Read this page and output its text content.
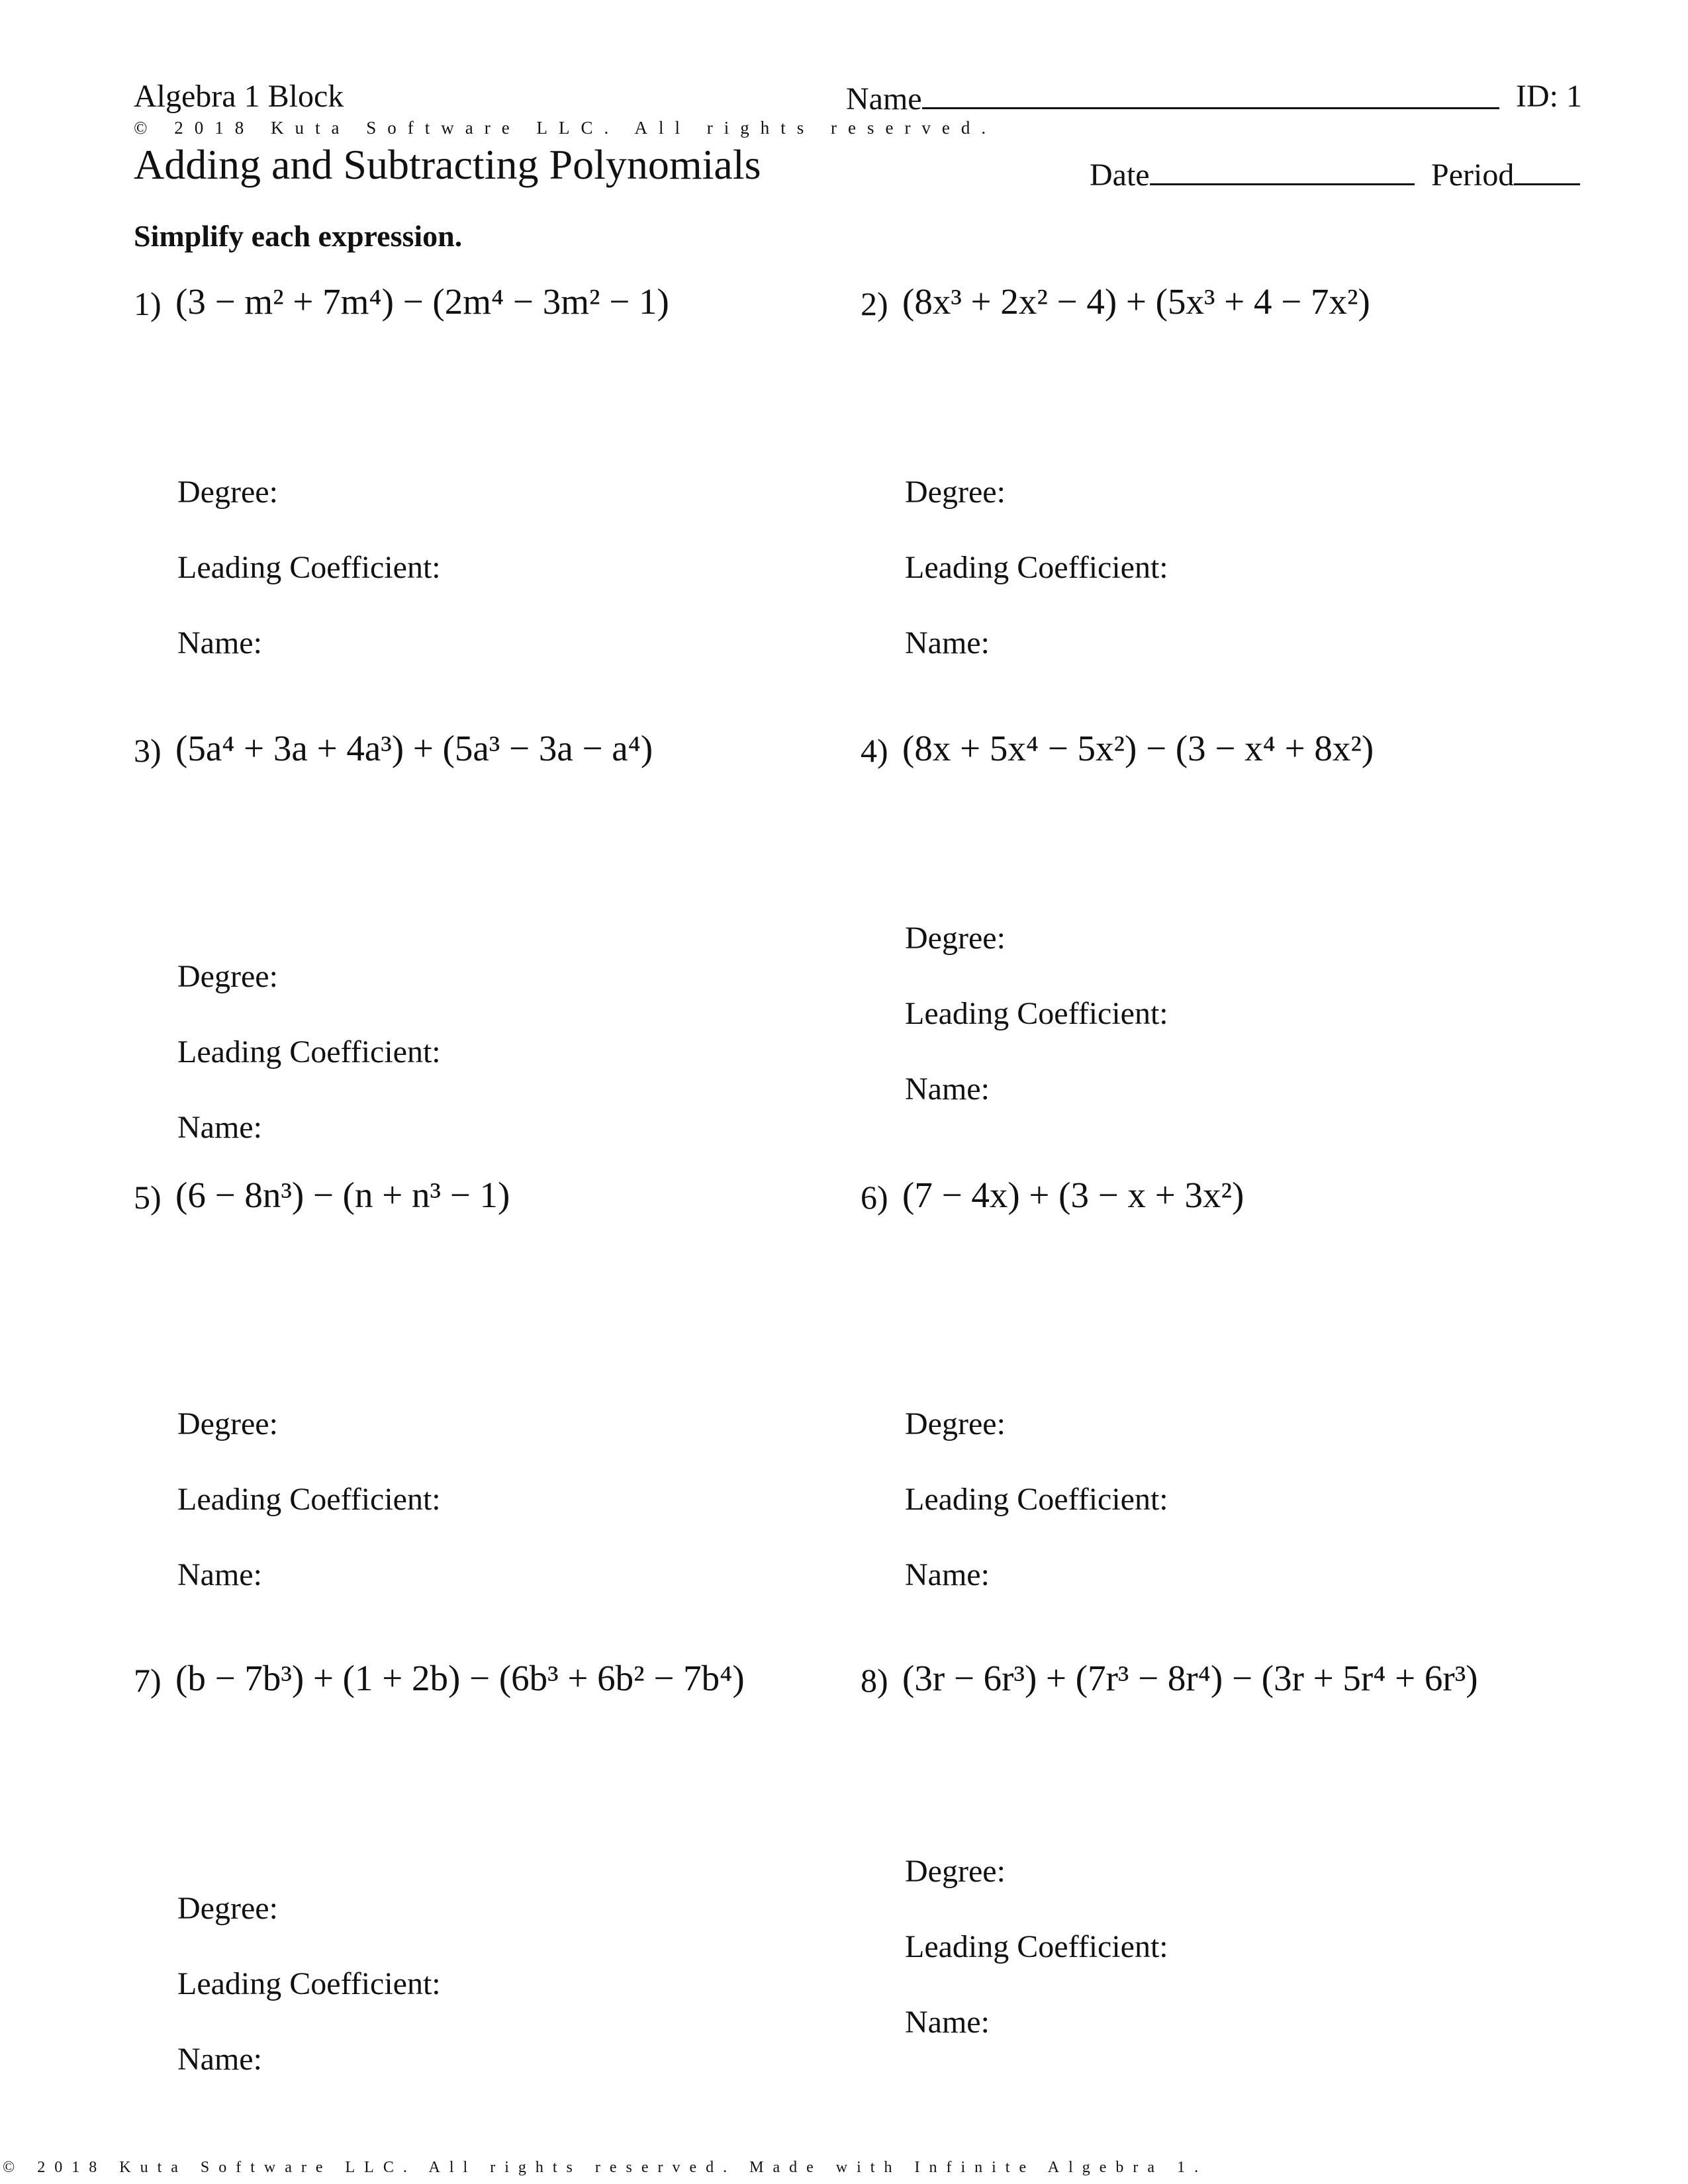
Algebra 1 Block	Name	ID: 1
© 2018 Kuta Software LLC. All rights reserved.
Adding and Subtracting Polynomials	Date	Period
Simplify each expression.
1) (3 − m² + 7m⁴) − (2m⁴ − 3m² − 1)
Degree:
Leading Coefficient:
Name:
2) (8x³ + 2x² − 4) + (5x³ + 4 − 7x²)
Degree:
Leading Coefficient:
Name:
3) (5a⁴ + 3a + 4a³) + (5a³ − 3a − a⁴)
Degree:
Leading Coefficient:
Name:
4) (8x + 5x⁴ − 5x²) − (3 − x⁴ + 8x²)
Degree:
Leading Coefficient:
Name:
5) (6 − 8n³) − (n + n³ − 1)
Degree:
Leading Coefficient:
Name:
6) (7 − 4x) + (3 − x + 3x²)
Degree:
Leading Coefficient:
Name:
7) (b − 7b³) + (1 + 2b) − (6b³ + 6b² − 7b⁴)
Degree:
Leading Coefficient:
Name:
8) (3r − 6r³) + (7r³ − 8r⁴) − (3r + 5r⁴ + 6r³)
Degree:
Leading Coefficient:
Name:
© 2018 Kuta Software LLC. All rights reserved. Made with Infinite Algebra 1.
